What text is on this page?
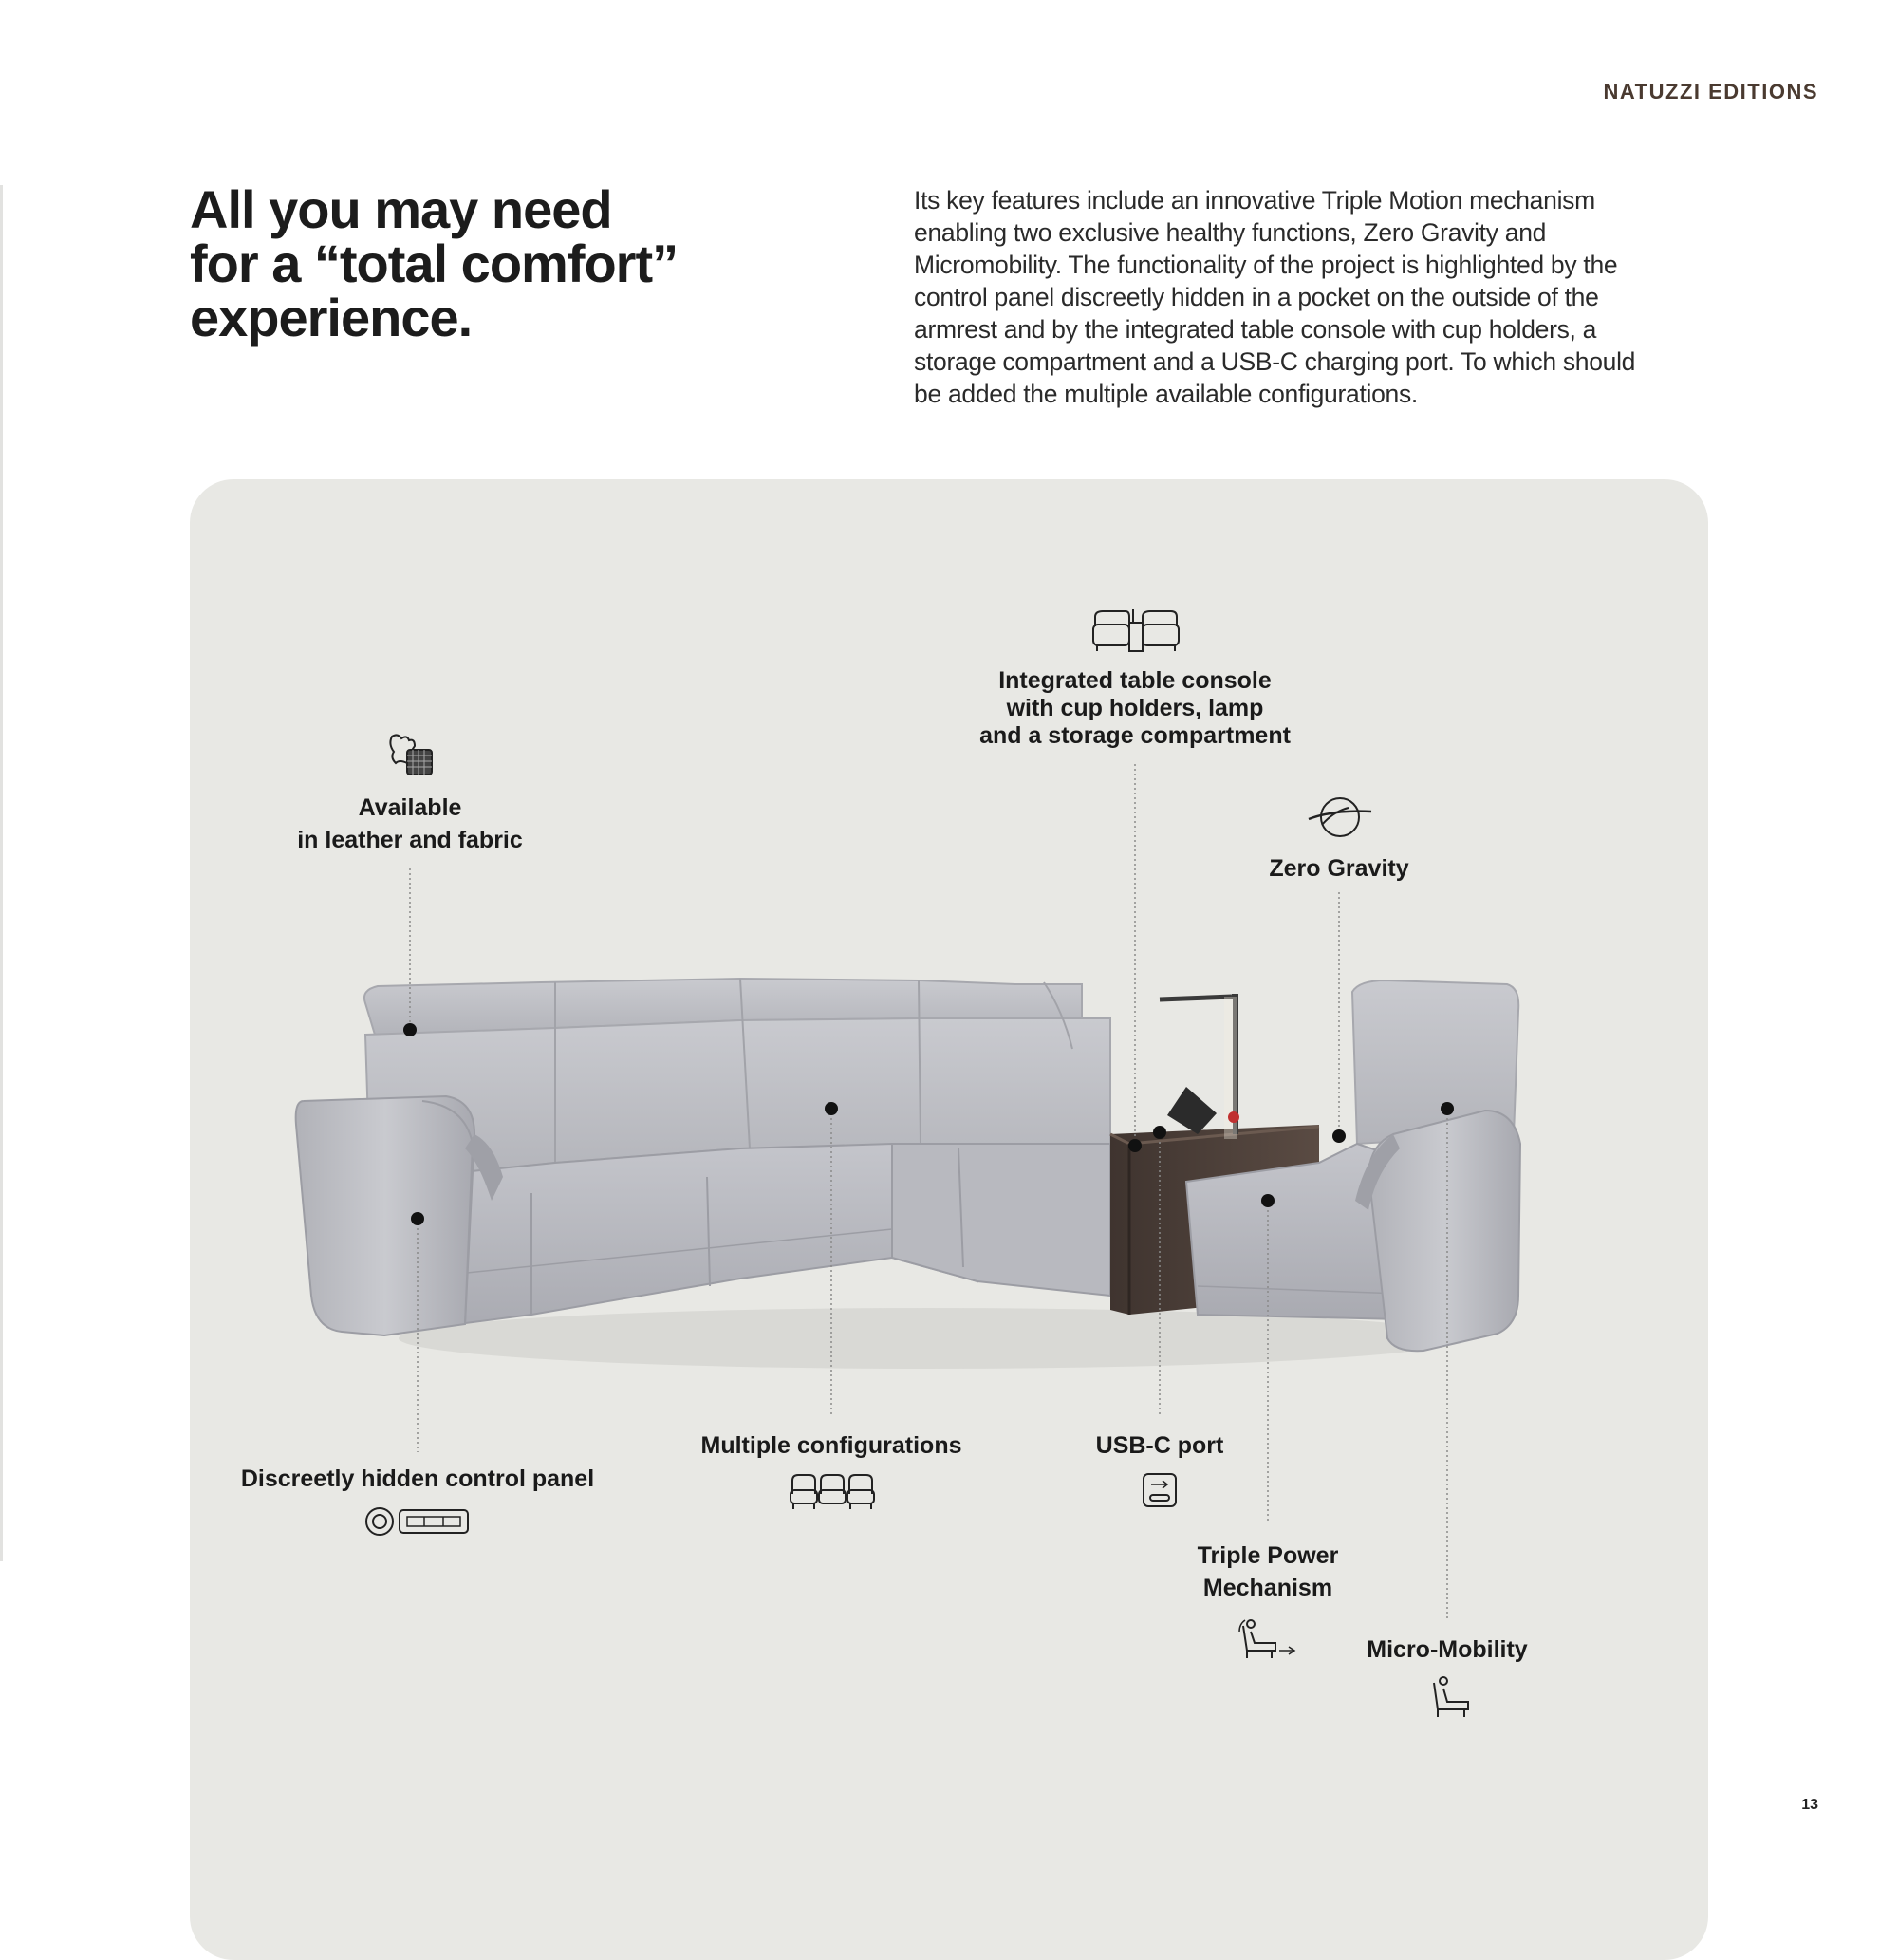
NATUZZI EDITIONS
All you may need
for a “total comfort”
experience.

Its key features include an innovative Triple Motion mechanism enabling two exclusive healthy functions, Zero Gravity and Micromobility. The functionality of the project is highlighted by the control panel discreetly hidden in a pocket on the outside of the armrest and by the integrated table console with cup holders, a storage compartment and a USB-C charging port. To which should be added the multiple available configurations.

Available
in leather and fabric
Integrated table console
with cup holders, lamp
and a storage compartment
Zero Gravity
Discreetly hidden control panel
Multiple configurations	USB-C port
Triple Power
Mechanism
Micro-Mobility
13
